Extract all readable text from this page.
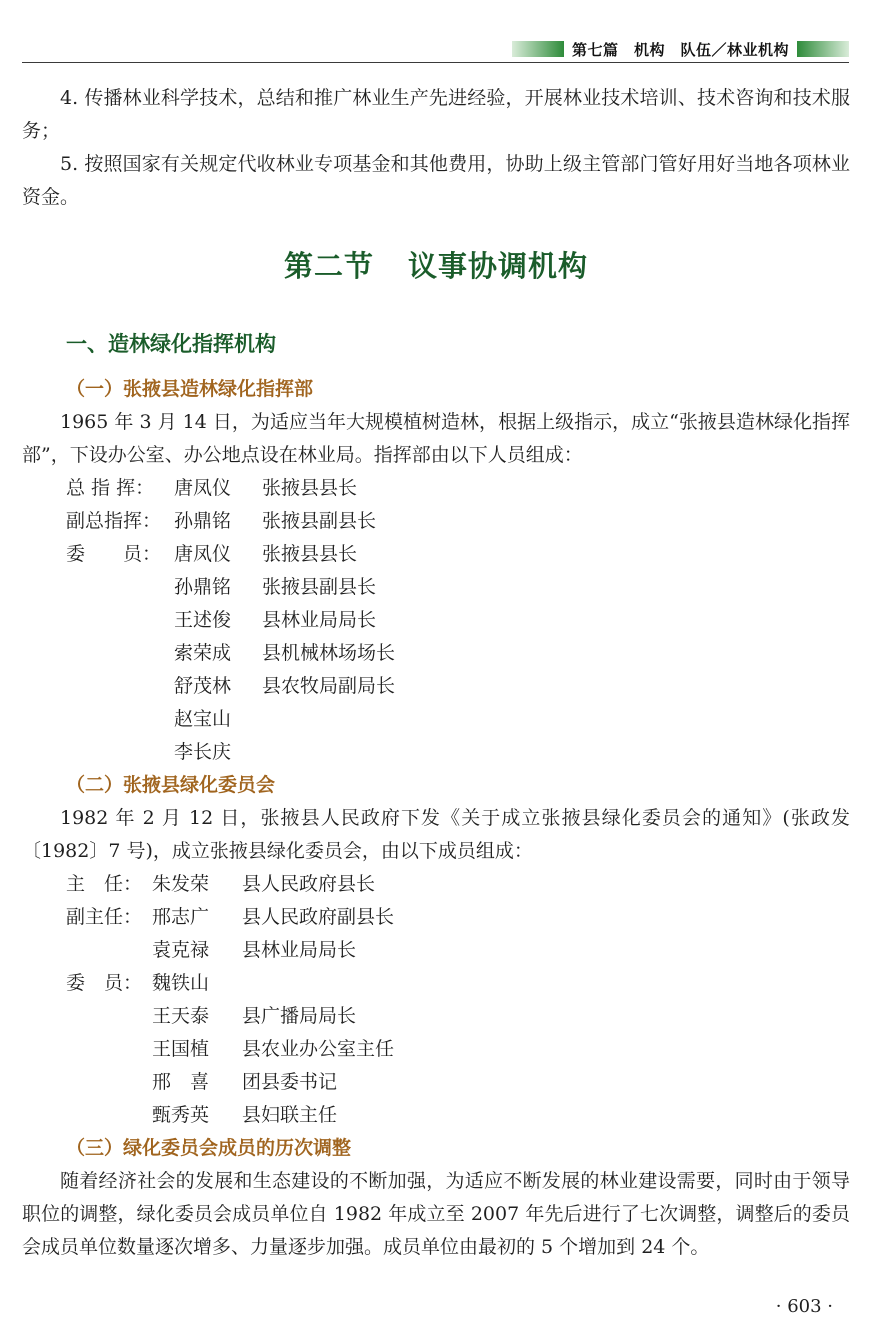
第七篇　机构　队伍／林业机构

4. 传播林业科学技术，总结和推广林业生产先进经验，开展林业技术培训、技术咨询和技术服务；

5. 按照国家有关规定代收林业专项基金和其他费用，协助上级主管部门管好用好当地各项林业资金。

第二节 议事协调机构
一、造林绿化指挥机构
（一）张掖县造林绿化指挥部

1965 年 3 月 14 日，为适应当年大规模植树造林，根据上级指示，成立“张掖县造林绿化指挥部”，下设办公室、办公地点设在林业局。指挥部由以下人员组成：

总 指 挥：	唐凤仪	张掖县县长
副总指挥： 孙鼎铭	张掖县副县长
委　　员： 唐凤仪	张掖县县长
孙鼎铭	张掖县副县长
王述俊	县林业局局长
索荣成	县机械林场场长
舒茂林	县农牧局副局长
赵宝山
李长庆
（二）张掖县绿化委员会

1982 年 2 月 12 日，张掖县人民政府下发《关于成立张掖县绿化委员会的通知》(张政发〔1982〕7 号)，成立张掖县绿化委员会，由以下成员组成：

主　任： 朱发荣	县人民政府县长
副主任： 邢志广	县人民政府副县长
袁克禄	县林业局局长
委　员： 魏铁山
王天泰	县广播局局长
王国植	县农业办公室主任
邢　喜	团县委书记
甄秀英	县妇联主任
（三）绿化委员会成员的历次调整

随着经济社会的发展和生态建设的不断加强，为适应不断发展的林业建设需要，同时由于领导职位的调整，绿化委员会成员单位自 1982 年成立至 2007 年先后进行了七次调整，调整后的委员会成员单位数量逐次增多、力量逐步加强。成员单位由最初的 5 个增加到 24 个。

· 603 ·
